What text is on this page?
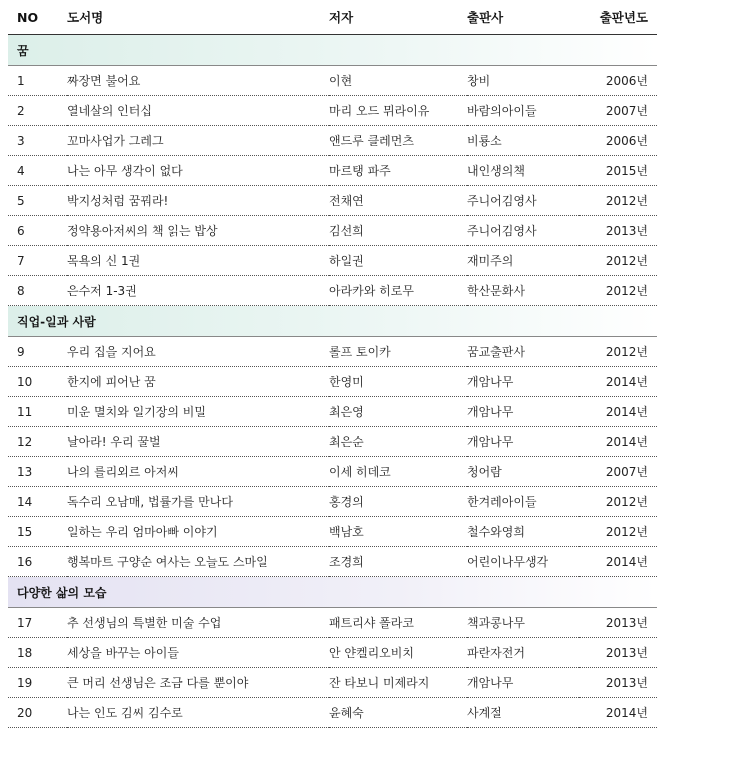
NO	도서명	저자	출판사	출판년도
꿈				
1	짜장면 불어요	이현	창비	2006년
2	열네살의 인터십	마리 오드 뮈라이유	바람의아이들	2007년
3	꼬마사업가 그레그	앤드루 클레먼츠	비룡소	2006년
4	나는 아무 생각이 없다	마르탱 파주	내인생의책	2015년
5	박지성처럼 꿈꿔라!	전채연	주니어김영사	2012년
6	정약용아저씨의 책 읽는 밥상	김선희	주니어김영사	2013년
7	목욕의 신 1권	하일권	재미주의	2012년
8	은수저 1-3권	아라카와 히로무	학산문화사	2012년
직업-일과 사람				
9	우리 집을 지어요	롤프 토이카	꿈교출판사	2012년
10	한지에 피어난 꿈	한영미	개암나무	2014년
11	미운 멸치와 일기장의 비밀	최은영	개암나무	2014년
12	날아라! 우리 꿀벌	최은순	개암나무	2014년
13	나의 를리외르 아저씨	이세 히데코	청어람	2007년
14	독수리 오남매, 법률가를 만나다	홍경의	한겨레아이들	2012년
15	일하는 우리 엄마아빠 이야기	백남호	철수와영희	2012년
16	행복마트 구양순 여사는 오늘도 스마일	조경희	어린이나무생각	2014년
다양한 삶의 모습				
17	추 선생님의 특별한 미술 수업	패트리샤 폴라코	책과콩나무	2013년
18	세상을 바꾸는 아이들	안 얀켈리오비치	파란자전거	2013년
19	큰 머리 선생님은 조금 다를 뿐이야	잔 타보니 미제라지	개암나무	2013년
20	나는 인도 김씨 김수로	윤혜숙	사계절	2014년
